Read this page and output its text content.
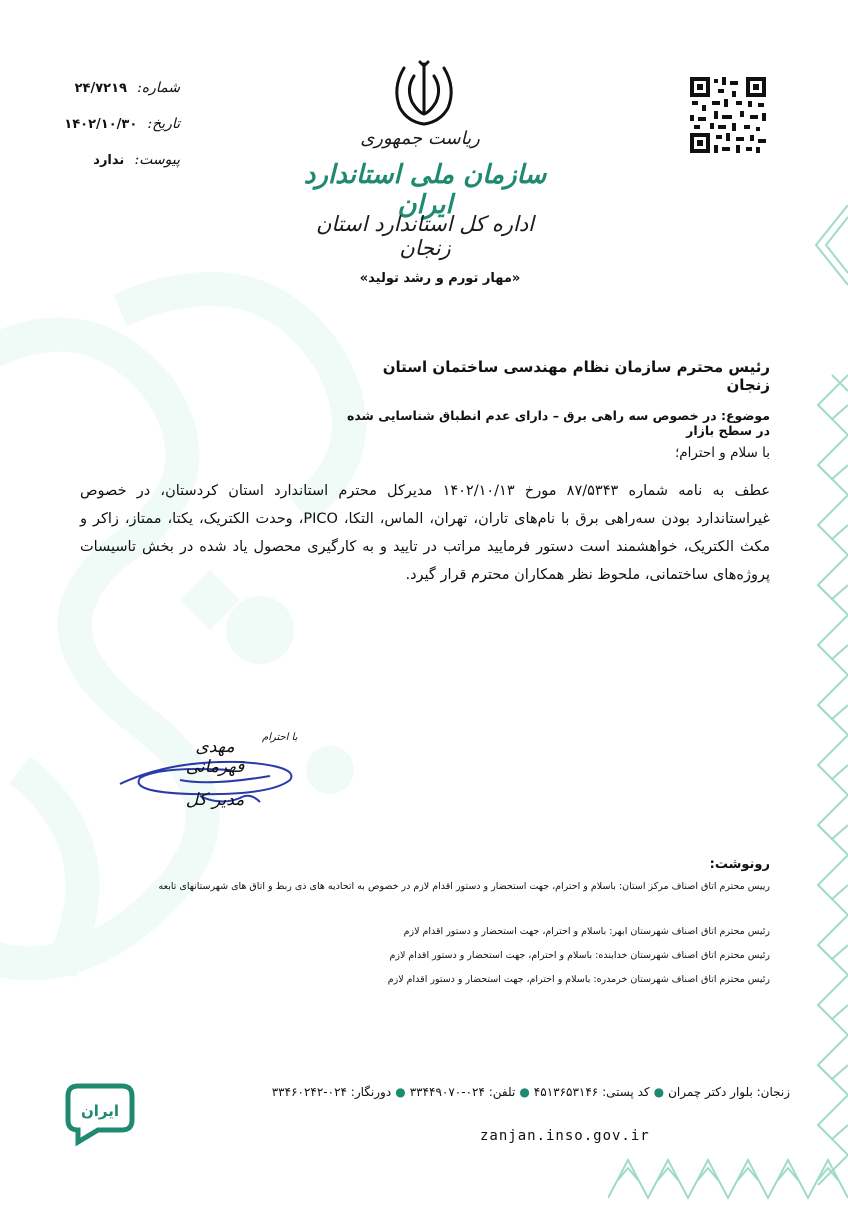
ریاست جمهوری
سازمان ملی استاندارد ایران
اداره کل استاندارد استان زنجان
«مهار تورم و رشد تولید»
شماره: ۲۴/۷۲۱۹
تاریخ: ۱۴۰۲/۱۰/۳۰
پیوست: ندارد
رئیس محترم سازمان نظام مهندسی ساختمان استان زنجان
موضوع: در خصوص سه راهی برق – دارای عدم انطباق شناسایی شده در سطح بازار
با سلام و احترام؛
عطف به نامه شماره ۸۷/۵۳۴۳ مورخ ۱۴۰۲/۱۰/۱۳ مدیرکل محترم استاندارد استان کردستان، در خصوص غیراستاندارد بودن سه‌راهی برق با نام‌های تاران، تهران، الماس، التکا، PICO، وحدت الکتریک، یکتا، ممتاز، زاکر و مکث الکتریک، خواهشمند است دستور فرمایید مراتب در تایید و به کارگیری محصول یاد شده در بخش تاسیسات پروژه‌های ساختمانی، ملحوظ نظر همکاران محترم قرار گیرد.
با احترام
مهدی قهرمانی
مدیر کل
رونوشت:
رییس محترم اتاق اصناف مرکز استان: باسلام و احترام، جهت استحضار و دستور اقدام لازم در خصوص به اتحادیه های ذی ربط و اتاق های شهرستانهای تابعه
رئیس محترم اتاق اصناف شهرستان ابهر: باسلام و احترام، جهت استحضار و دستور اقدام لازم
رئیس محترم اتاق اصناف شهرستان خدابنده: باسلام و احترام، جهت استحضار و دستور اقدام لازم
رئیس محترم اتاق اصناف شهرستان خرمدره: باسلام و احترام، جهت استحضار و دستور اقدام لازم
زنجان: بلوار دکتر چمران●کد پستی: ۴۵۱۳۶۵۳۱۴۶●تلفن: ۰۲۴-۳۳۴۴۹۰۷۰●دورنگار: ۰۲۴-۳۳۴۶۰۲۴۲
zanjan.inso.gov.ir
ایران
